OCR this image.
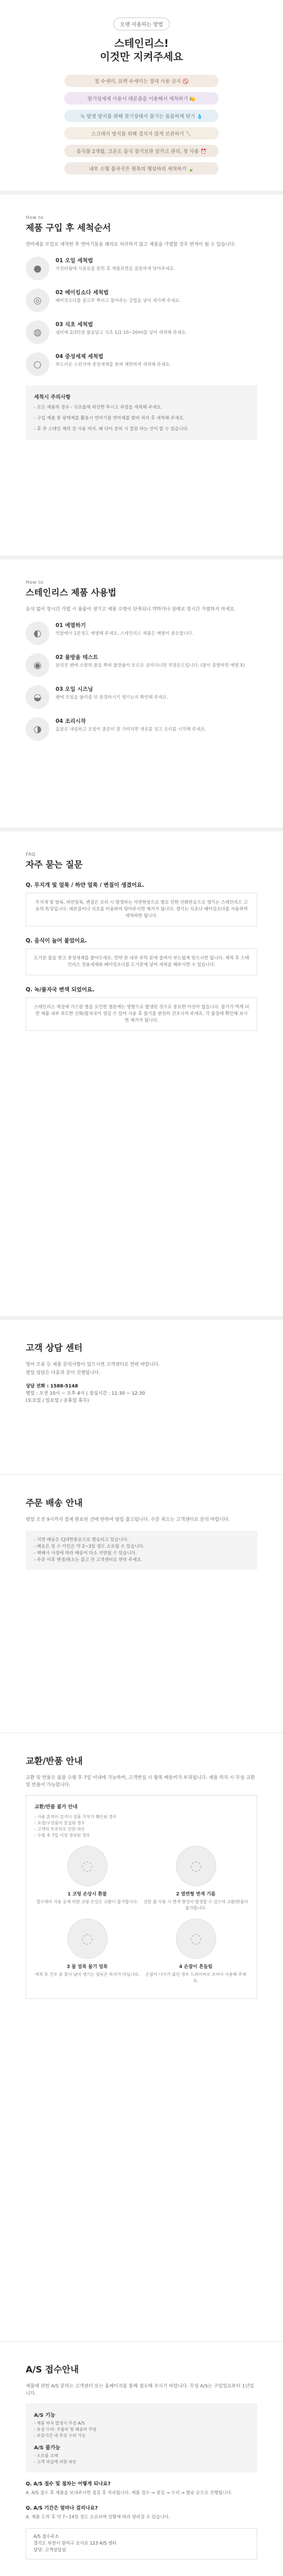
오랫 사용하는 방법
스테인리스!
이것만 지켜주세요
철 수세미, 표백 수세미는 절대 사용 금지 🚫
염기성세제 사용시 레몬즙을 이용해서 세척하기 🍋
녹 발생 방지를 위해 젖기상태서 물기는 꼼꼼하게 닦기 💧
스크래치 방지를 위해 겹치지 않게 보관하기 🥄
음식물 2개월, 고온도 음식 장기보관 삼가고 관리, 첫 사용 ⏰
내부 소형 물자국은 원목의 행설하의 세척하기 🍃
How to
제품 구입 후 세척순서
연마제를 모일로 세척한 후 연마기물을 꽤의로 처리하지 않고 제품을 가열할 경우 변색이 될 수 있습니다.
●
01 오일 세척법
키친타월에 식용유를 묻힌 후 제품표면을 꼼꼼하게 닦아주세요.
◎
02 베이킹소다 세척법
베이킹소다를 골고루 뿌리고 물어주는 강법을 넣어 세가께 주세요.
◍
03 식초 세척법
냄비에 2/3만큼 물을담고 식초 1/2 10~20ml를 넣어 세척해 주세요.
○
04 중성세제 세척법
부드러운 스펀지에 중성세제를 묻혀 제한하게 세척해 주세요.
세척시 주의사항

- 모든 제품의 경우 - 식초를에 외진한 뚜시고 과정을 세척해 주세요.

- 구입 제품 중 광택제를 활용시 연마기물 연마제를 발라 처리 후 세척해 주세요.

- 후 추 스테인 제의 전 사용 여지. 폐 다이 분히 시 깔끔 하는 선이 할 수 있습니다.

How to
스테인리스 제품 사용법
음식 없이 장시간 가열 시 불꽃이 생기고 제품 수명이 단축되니 약하거나 상태로 장시간 가열하지 마세요.
◐
01 예열하기
약불에서 1분정도 예열해 주세요. 스테인리스 제품은 예열이 중요합니다.
◉
02 물방울 테스트
달궈진 팬에 소량의 물을 뿌려 물방울이 또르르 굴러다니면 적정온도입니다. (물이 증발하면 예열 X)
◒
03 오일 시즈닝
팬에 오일을 둘러줍 뒤 중경하시기 생기는지 확인해 주세요.
◑
04 조리시작
흡불로 내림하고 오일이 충분히 잘 가려지면 재료를 넣고 조리를 시작해 주세요.
FAQ
자주 묻는 질문
Q. 무지개 빛 얼룩 / 하얀 얼룩 / 변질이 생겼어요.
무지개 빛 얼룩, 하연얼룩, 변질은 조리 시 발생하는 자연현상으로 열로 인한 산화반응으로 생기는 스테인리스 고유의 특징입니다. 레몬즙이나 식초를 이용하여 닦아주시면 제거가 됩니다. 생기는 식초나 베이킹소다를 사용하여 세척하면 됩니다.
Q. 음식이 눌어 붙었어요.
도기분 물을 받고 중성세제를 풀어두세요. 만약 폰 내부 주의 분에 불려서 부드럽게 닦으시면 됩니다. 세척 후 스테인리스 전용세제와 베이킹소다를 도기분에 넣어 세척을 해주시면 수 있습니다.
Q. 녹/물자국 변색 되었어요.
스테인리스 재질에 가스판 열을 오인한 철분에는 영향으로 발생된 것으로 중요한 이상이 없습니다. 물기가 먹게 되면 제품 내부 과도한 산화/물자국이 생길 수 있어 사용 후 물기를 완전히 건조시켜 주세요. 각 물질에 확인해 보시면 제거가 됩니다.
고객 상담 센터
영어 오류 등 제품 문의사항이 있으시면 고객센터로 연락 바랍니다.
평일 상담은 다음과 같이 진행됩니다.
상담 전화 : 1588-5148
평일 : 오전 10시 ~ 오후 4시 | 점심시간 : 11:30 ~ 12:30
(토요일 / 일요일 / 공휴일 휴무)
주문 배송 안내
평일 오전 9시까지 결제 완료된 건에 한하여 당일 출고됩니다. 주문 취소는 고객센터로 문의 바랍니다.
- 지연 배송은 CJ대한통운으로 발송되고 있습니다.
- 배송은 일 수 이인은 약 2~3일 정도 소요될 수 있습니다.
- 택배사 사정에 따라 배송이 다소 지연될 수 있습니다.
- 주문 이후 변경/취소는 출고 전 고객센터로 연락 주세요.
교환/반품 안내
교환 및 반품은 물품 수령 후 7일 이내에 가능하며, 고객변심 시 왕복 배송비가 부과됩니다. 제품 하자 시 무상 교환 및 반품이 가능합니다.
교환/반품 불가 안내
- 사용 흔적이 있거나 상품 가치가 훼손된 경우
- 포장/구성품이 분실된 경우
- 고객의 부주의로 인한 파손
- 수령 후 7일 이상 경과된 경우
◌
1 코팅 손상시 환불
철수세미 사용 등에 의한 코팅 손상은 교환이 불가합니다.
◌
2 열변형 변색 기름
강한 불 사용 시 변색 현상이 발생할 수 있으며 교환/반품이 불가합니다.
◌
3 물 얼룩 물기 얼룩
세척 후 건조 중 물이 남아 생기는 얼룩은 하자가 아닙니다.
◌
4 손잡이 흔들림
손잡이 나사가 풀린 경우 드라이버로 조여서 사용해 주세요.
A/S 접수안내
제품에 관한 A/S 문의는 고객센터 또는 홈페이지를 통해 접수해 주시기 바랍니다. 무상 A/S는 구입일로부터 1년입니다.
A/S 기능

- 제품 하자 발생시 무상 A/S
- 유상 수리: 부품비 및 배송비 부담
- 보증기간 내 무상 수리 가능

A/S 불가능

- 소모품 교체
- 고객 과실에 의한 파손

Q. A/S 접수 및 절차는 어떻게 되나요?
A. A/S 접수 후 제품을 보내주시면 점검 후 처리됩니다. 제품 접수 → 점검 → 수리 → 발송 순으로 진행됩니다.
Q. A/S 기간은 얼마나 걸리나요?
A. 제품 도착 후 약 7~14일 정도 소요되며 상황에 따라 달라질 수 있습니다.
A/S 접수주소
경기도 부천시 원미구 소사로 123 A/S 센터
담당: 고객상담실
